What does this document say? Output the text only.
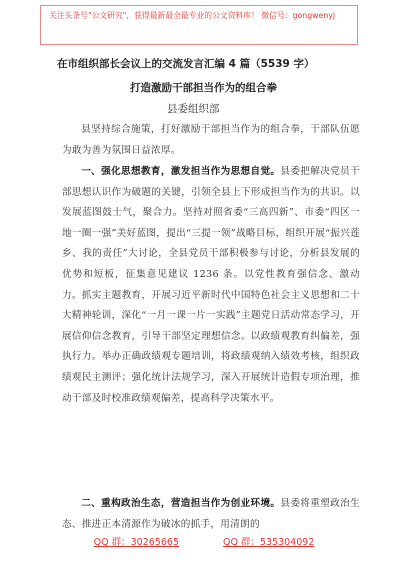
关注头条号"公文研究"，获得最新最全最专业的公文资料库！ 微信号：gongwenyj
在市组织部长会议上的交流发言汇编 4 篇（5539 字）
打造激励干部担当作为的组合拳
县委组织部

县坚持综合施策，打好激励干部担当作为的组合拳，干部队伍愿为敢为善为氛围日益浓厚。

一、强化思想教育，激发担当作为思想自觉。县委把解决党员干部思想认识作为破题的关键，引领全县上下形成担当作为的共识。以发展蓝图鼓士气，聚合力。坚持对照省委“三高四新”、市委“四区一地一圈一强”美好蓝图，提出“三提一领”战略目标，组织开展“振兴莲乡、我的责任”大讨论，全县党员干部积极参与讨论，分析县发展的优势和短板，征集意见建议 1236 条。以党性教育强信念、激动力。抓实主题教育，开展习近平新时代中国特色社会主义思想和二十大精神轮训，深化“一月一课一片一实践”主题党日活动常态学习，开展信仰信念教育，引导干部坚定理想信念。以政绩观教育纠偏差，强执行力。举办正确政绩观专题培训，将政绩观纳入绩效考核，组织政绩观民主测评；强化统计法规学习，深入开展统计造假专项治理，推动干部及时校准政绩观偏差，提高科学决策水平。

二、重构政治生态，营造担当作为创业环境。县委将重塑政治生态、推进正本清源作为破冰的抓手，用清朗的

QQ 群：30265665	QQ 群：535304092
